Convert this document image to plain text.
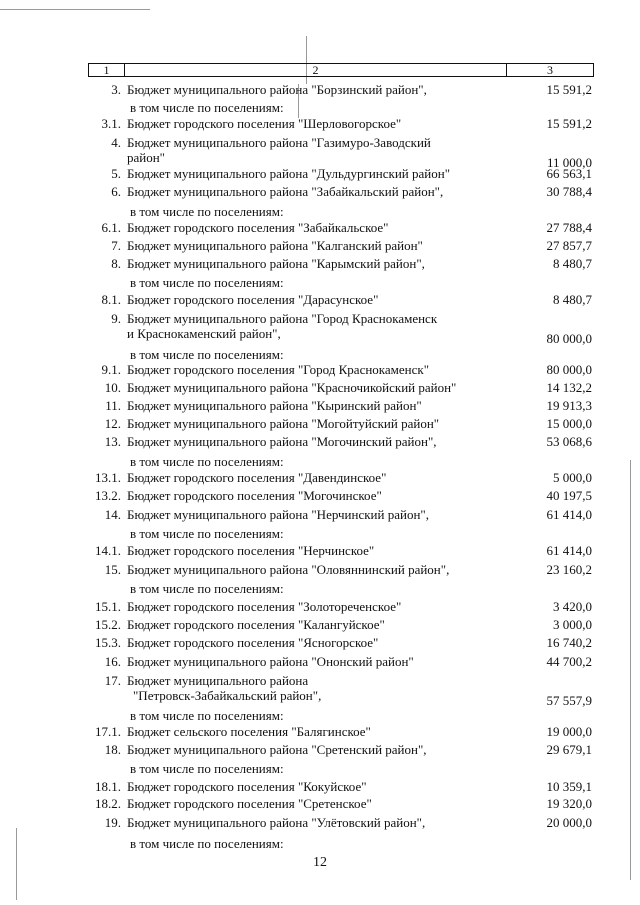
1	2	3
3. Бюджет муниципального района "Борзинский район",	15 591,2
в том числе по поселениям:
3.1. Бюджет городского поселения "Шерловогорское"	15 591,2
4. Бюджет муниципального района "Газимуро-Заводский
район"	11 000,0
5. Бюджет муниципального района "Дульдургинский район"	66 563,1
6. Бюджет муниципального района "Забайкальский район",	30 788,4
в том числе по поселениям:
6.1. Бюджет городского поселения "Забайкальское"	27 788,4
7. Бюджет муниципального района "Калганский район"	27 857,7
8. Бюджет муниципального района "Карымский район",	8 480,7
в том числе по поселениям:
8.1. Бюджет городского поселения "Дарасунское"	8 480,7
9. Бюджет муниципального района "Город Краснокаменск
и Краснокаменский район",	80 000,0
в том числе по поселениям:
9.1. Бюджет городского поселения "Город Краснокаменск"	80 000,0
10. Бюджет муниципального района "Красночикойский район"	14 132,2
11. Бюджет муниципального района "Кыринский район"	19 913,3
12. Бюджет муниципального района "Могойтуйский район"	15 000,0
13. Бюджет муниципального района "Могочинский район",	53 068,6
в том числе по поселениям:
13.1. Бюджет городского поселения "Давендинское"	5 000,0
13.2. Бюджет городского поселения "Могочинское"	40 197,5
14. Бюджет муниципального района "Нерчинский район",	61 414,0
в том числе по поселениям:
14.1. Бюджет городского поселения "Нерчинское"	61 414,0
15. Бюджет муниципального района "Оловяннинский район",	23 160,2
в том числе по поселениям:
15.1. Бюджет городского поселения "Золотореченское"	3 420,0
15.2. Бюджет городского поселения "Калангуйское"	3 000,0
15.3. Бюджет городского поселения "Ясногорское"	16 740,2
16. Бюджет муниципального района "Ононский район"	44 700,2
17. Бюджет муниципального района
"Петровск-Забайкальский район",	57 557,9
в том числе по поселениям:
17.1. Бюджет сельского поселения "Балягинское"	19 000,0
18. Бюджет муниципального района "Сретенский район",	29 679,1
в том числе по поселениям:
18.1. Бюджет городского поселения "Кокуйское"	10 359,1
18.2. Бюджет городского поселения "Сретенское"	19 320,0
19. Бюджет муниципального района "Улётовский район",	20 000,0
в том числе по поселениям:
12
